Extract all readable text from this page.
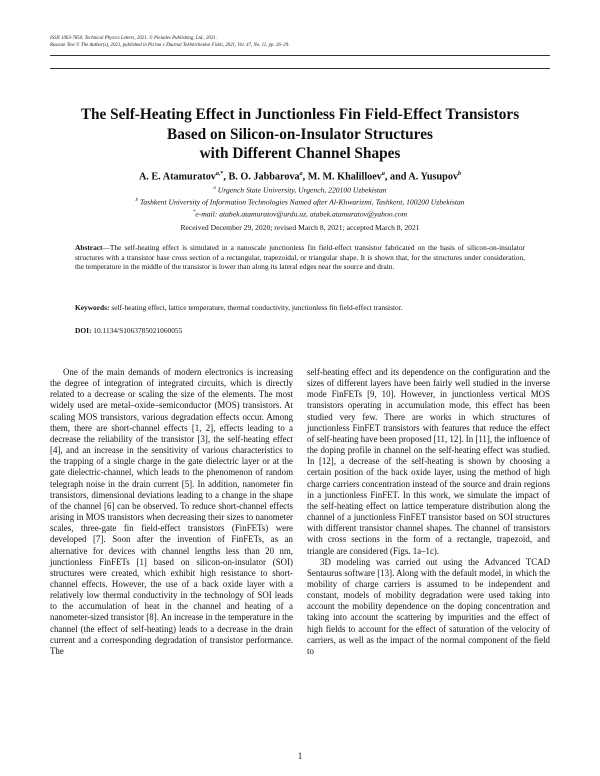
ISSN 1063-7850, Technical Physics Letters, 2021. © Pleiades Publishing, Ltd., 2021.
Russian Text © The Author(s), 2021, published in Pis'ma v Zhurnal Tekhnicheskoi Fiziki, 2021, Vol. 47, No. 11, pp. 26–29.
The Self-Heating Effect in Junctionless Fin Field-Effect Transistors
Based on Silicon-on-Insulator Structures
with Different Channel Shapes
A. E. Atamuratov$^{a,*}$, B. O. Jabbarova$^a$, M. M. Khalilloev$^a$, and A. Yusupov$^b$
$^a$ Urgench State University, Urgench, 220100 Uzbekistan
$^b$ Tashkent University of Information Technologies Named after Al-Khwarizmi, Tashkent, 100200 Uzbekistan
*e-mail: atabek.atamuratov@urdu.uz, atabek.atamuratov@yahoo.com
Received December 29, 2020; revised March 8, 2021; accepted March 8, 2021
Abstract—The self-heating effect is simulated in a nanoscale junctionless fin field-effect transistor fabricated on the basis of silicon-on-insulator structures with a transistor base cross section of a rectangular, trapezoidal, or triangular shape. It is shown that, for the structures under consideration, the temperature in the middle of the transistor is lower than along its lateral edges near the source and drain.
Keywords: self-heating effect, lattice temperature, thermal conductivity, junctionless fin field-effect transistor.
DOI: 10.1134/S1063785021060055

One of the main demands of modern electronics is increasing the degree of integration of integrated circuits, which is directly related to a decrease or scaling the size of the elements. The most widely used are metal–oxide–semiconductor (MOS) transistors. At scaling MOS transistors, various degradation effects occur. Among them, there are short-channel effects [1, 2], effects leading to a decrease the reliability of the transistor [3], the self-heating effect [4], and an increase in the sensitivity of various characteristics to the trapping of a single charge in the gate dielectric layer or at the gate dielectric-channel, which leads to the phenomenon of random telegraph noise in the drain current [5]. In addition, nanometer fin transistors, dimensional deviations leading to a change in the shape of the channel [6] can be observed. To reduce short-channel effects arising in MOS transistors when decreasing their sizes to nanometer scales, three-gate fin field-effect transistors (FinFETs) were developed [7]. Soon after the invention of FinFETs, as an alternative for devices with channel lengths less than 20 nm, junctionless FinFETs [1] based on silicon-on-insulator (SOI) structures were created, which exhibit high resistance to short-channel effects. However, the use of a back oxide layer with a relatively low thermal conductivity in the technology of SOI leads to the accumulation of heat in the channel and heating of a nanometer-sized transistor [8]. An increase in the temperature in the channel (the effect of self-heating) leads to a decrease in the drain current and a corresponding degradation of transistor performance. The

self-heating effect and its dependence on the configuration and the sizes of different layers have been fairly well studied in the inverse mode FinFETs [9, 10]. However, in junctionless vertical MOS transistors operating in accumulation mode, this effect has been studied very few. There are works in which structures of junctionless FinFET transistors with features that reduce the effect of self-heating have been proposed [11, 12]. In [11], the influence of the doping profile in channel on the self-heating effect was studied. In [12], a decrease of the self-heating is shown by choosing a certain position of the back oxide layer, using the method of high charge carriers concentration instead of the source and drain regions in a junctionless FinFET. In this work, we simulate the impact of the self-heating effect on lattice temperature distribution along the channel of a junctionless FinFET transistor based on SOI structures with different transistor channel shapes. The channel of transistors with cross sections in the form of a rectangle, trapezoid, and triangle are considered (Figs. 1a–1c).

3D modeling was carried out using the Advanced TCAD Sentaurus software [13]. Along with the default model, in which the mobility of charge carriers is assumed to be independent and constant, models of mobility degradation were used taking into account the mobility dependence on the doping concentration and taking into account the scattering by impurities and the effect of high fields to account for the effect of saturation of the velocity of carriers, as well as the impact of the normal component of the field to

1
